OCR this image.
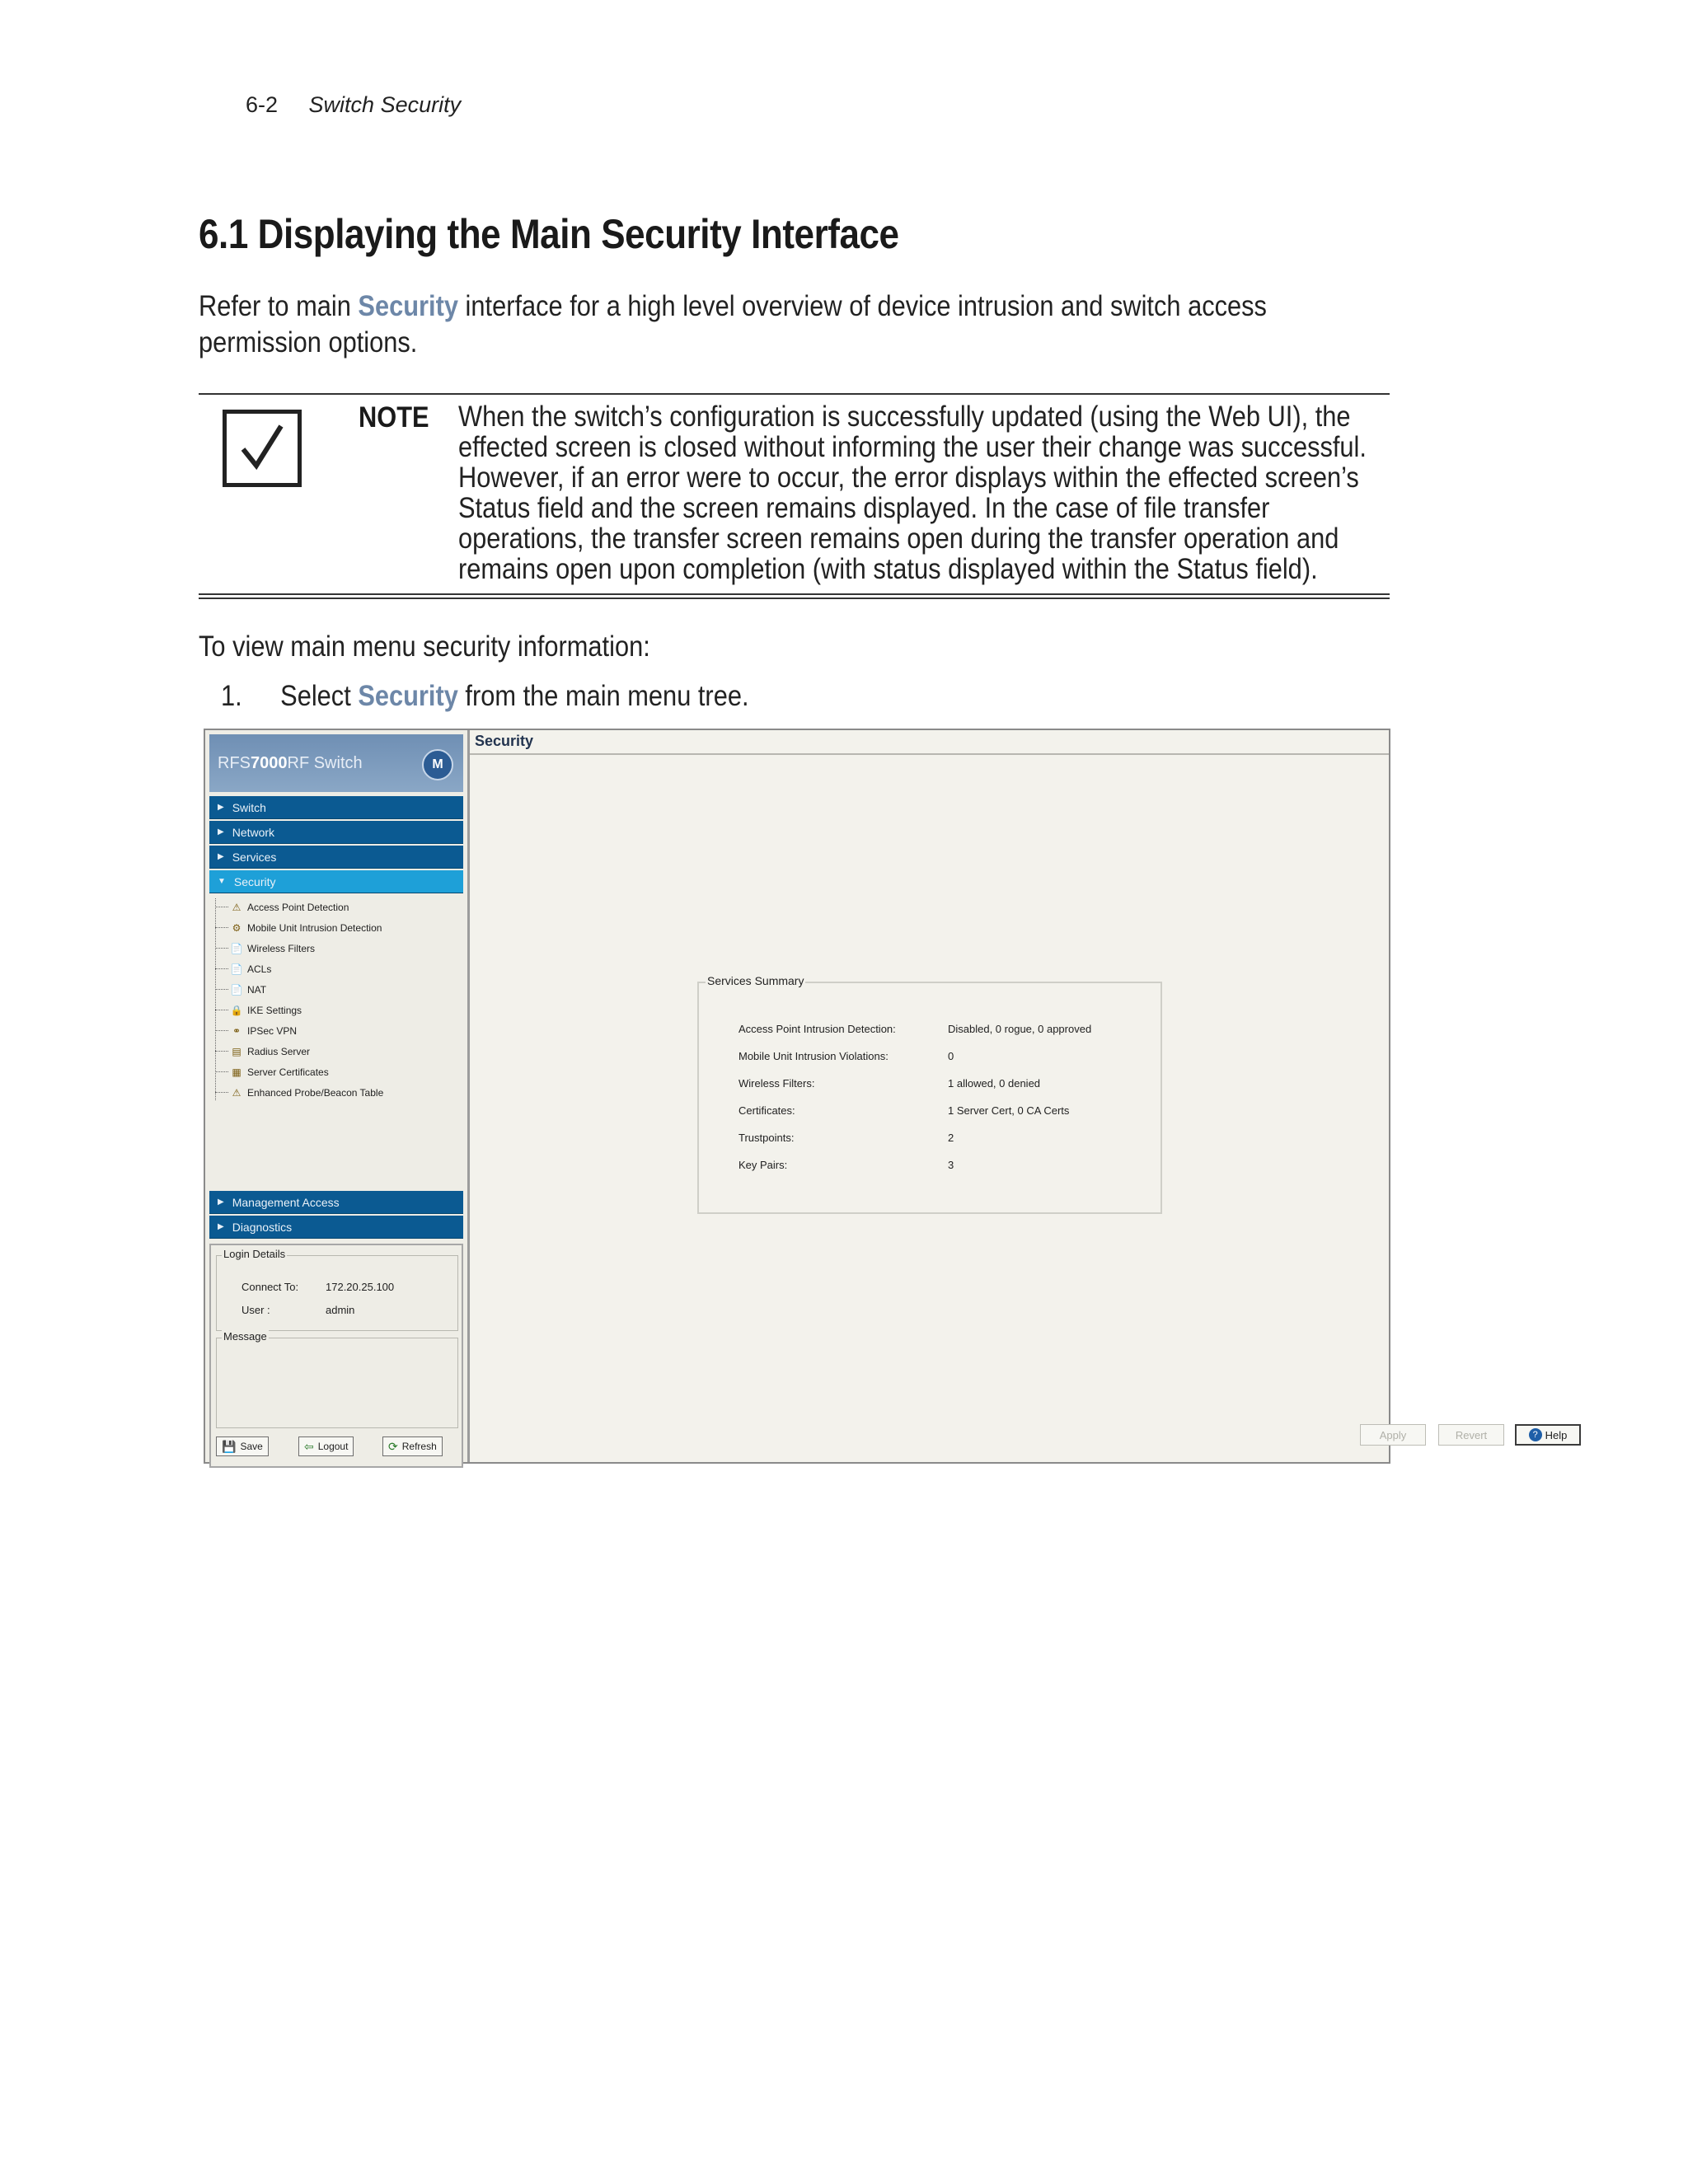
6-2 Switch Security
6.1 Displaying the Main Security Interface

Refer to main Security interface for a high level overview of device intrusion and switch access permission options.

NOTE When the switch’s configuration is successfully updated (using the Web UI), the effected screen is closed without informing the user their change was successful. However, if an error were to occur, the error displays within the effected screen’s Status field and the screen remains displayed. In the case of file transfer operations, the transfer screen remains open during the transfer operation and remains open upon completion (with status displayed within the Status field).

To view main menu security information:

1. Select Security from the main menu tree.

RFS 7000 RF Switch	M
▶ Switch
▶ Network
▶ Services
▼ Security
⚠ Access Point Detection
⚙ Mobile Unit Intrusion Detection
📄 Wireless Filters
📄 ACLs
📄 NAT
🔒 IKE Settings
⚭ IPSec VPN
▤ Radius Server
▦ Server Certificates
⚠ Enhanced Probe/Beacon Table
▶ Management Access
▶ Diagnostics
Login Details
Connect To:	172.20.25.100
User :	admin
Message
💾 Save	⇦ Logout	⟳ Refresh
Security
Services Summary
Access Point Intrusion Detection:	Disabled, 0 rogue, 0 approved
Mobile Unit Intrusion Violations:	0
Wireless Filters:	1 allowed, 0 denied
Certificates:	1 Server Cert, 0 CA Certs
Trustpoints:	2
Key Pairs:	3
Apply	Revert	? Help
